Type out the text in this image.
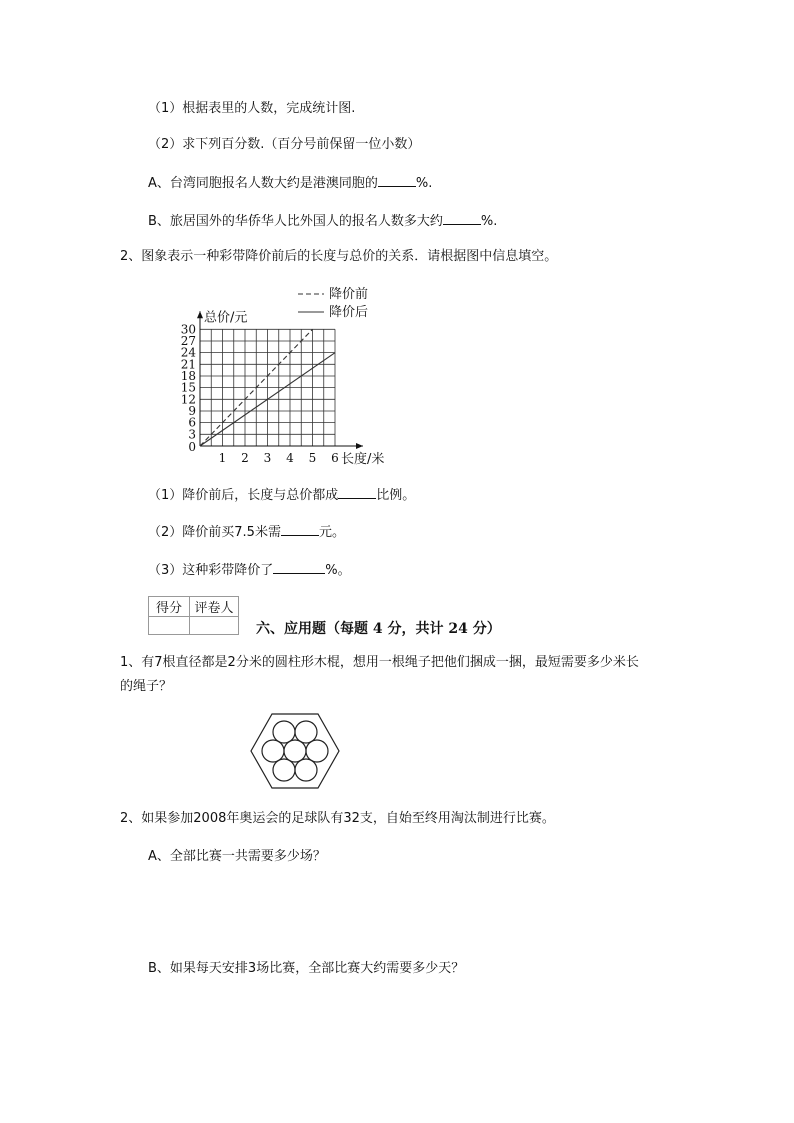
（1）根据表里的人数，完成统计图.
（2）求下列百分数.（百分号前保留一位小数）
A、台湾同胞报名人数大约是港澳同胞的	%.
B、旅居国外的华侨华人比外国人的报名人数多大约	%.
2、图象表示一种彩带降价前后的长度与总价的关系．请根据图中信息填空。
0
3
6
9
12
15
18
21
24
27
30
1 2 3 4 5 6
总价/元
长度/米
降价前
降价后
（1）降价前后，长度与总价都成	比例。
（2）降价前买7.5米需	元。
（3）这种彩带降价了	%。
得分	评卷人

六、应用题（每题 4 分，共计 24 分）
1、有7根直径都是2分米的圆柱形木棍，想用一根绳子把他们捆成一捆，最短需要多少米长
的绳子？
2、如果参加2008年奥运会的足球队有32支，自始至终用淘汰制进行比赛。
A、全部比赛一共需要多少场？
B、如果每天安排3场比赛，全部比赛大约需要多少天？
